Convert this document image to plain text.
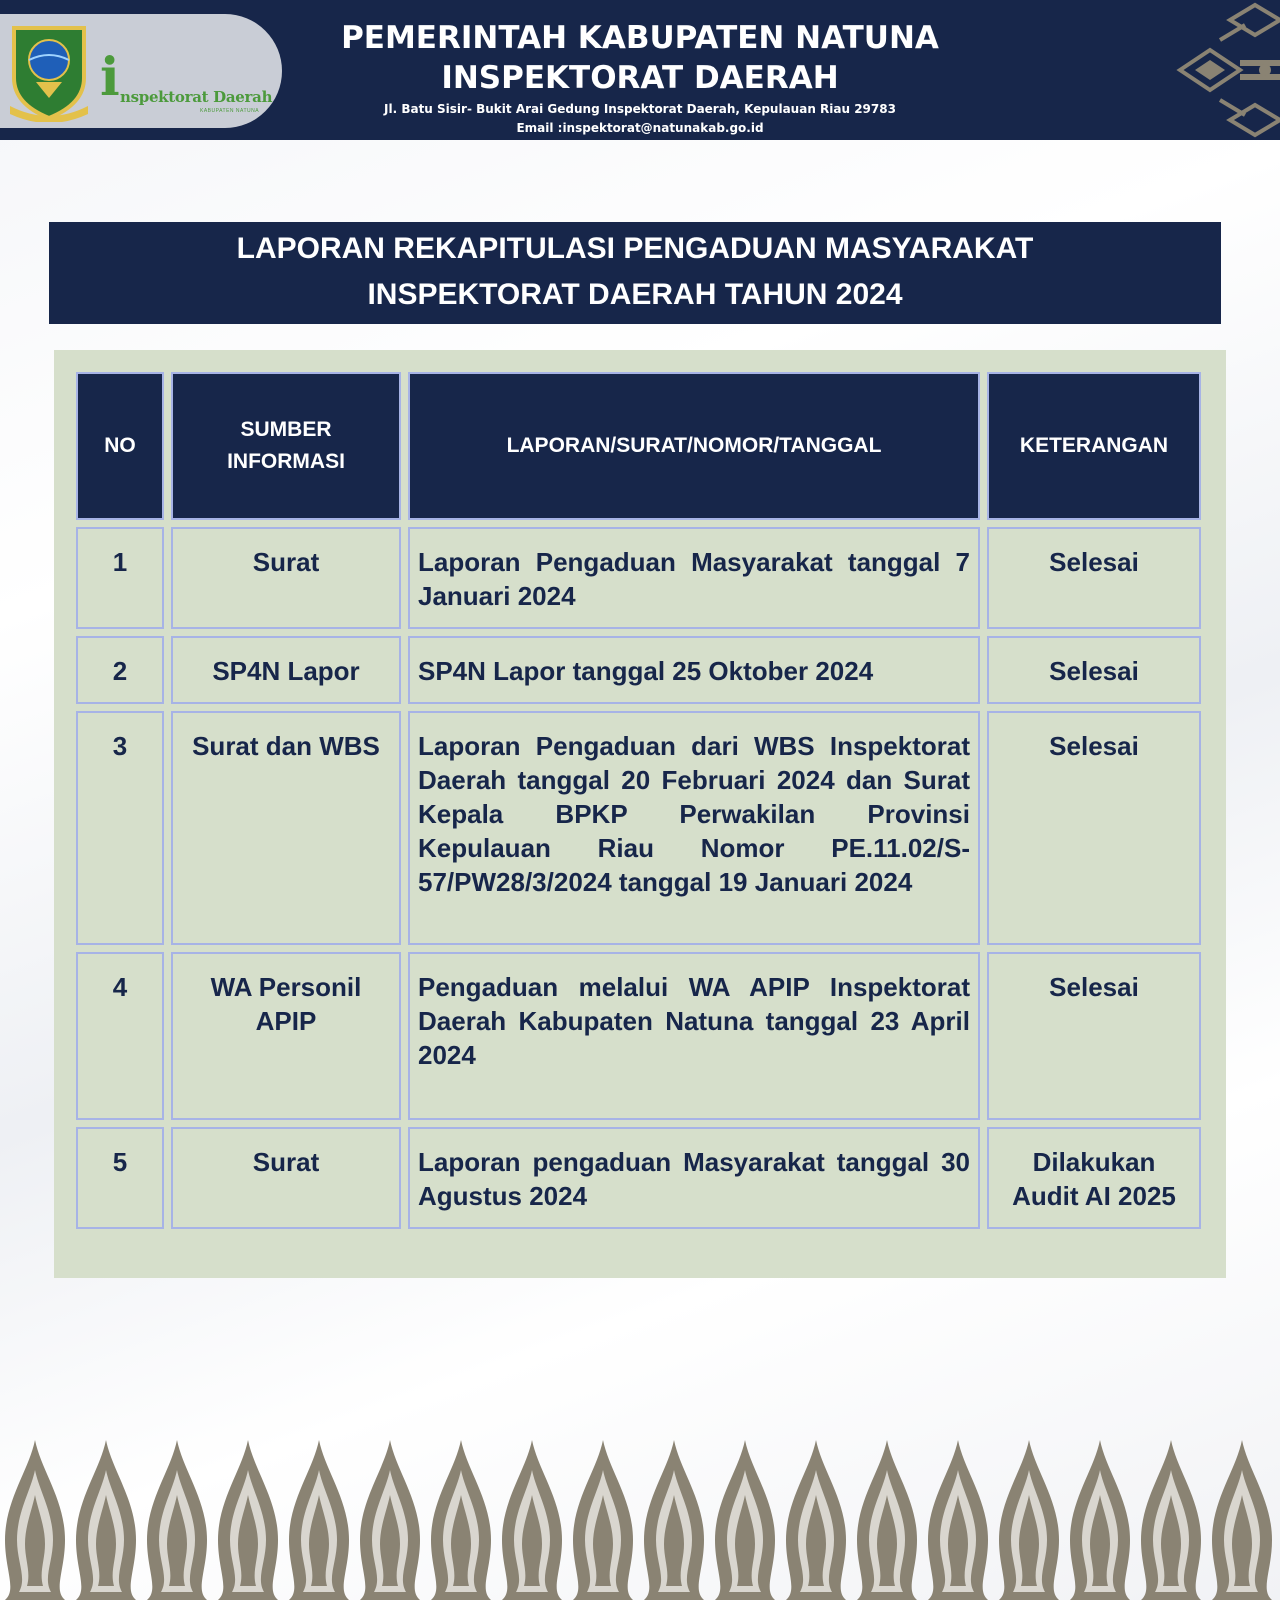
i nspektorat Daerah
KABUPATEN NATUNA
PEMERINTAH KABUPATEN NATUNA
INSPEKTORAT DAERAH
Jl. Batu Sisir- Bukit Arai Gedung Inspektorat Daerah, Kepulauan Riau 29783
Email :inspektorat@natunakab.go.id
LAPORAN REKAPITULASI PENGADUAN MASYARAKAT
INSPEKTORAT DAERAH TAHUN 2024
NO	SUMBER INFORMASI	LAPORAN/SURAT/NOMOR/TANGGAL	KETERANGAN
1	Surat	Laporan Pengaduan Masyarakat tanggal 7 Januari 2024	Selesai
2	SP4N Lapor	SP4N Lapor tanggal 25 Oktober 2024	Selesai
3	Surat dan WBS	Laporan Pengaduan dari WBS Inspektorat Daerah tanggal 20 Februari 2024 dan Surat Kepala BPKP Perwakilan Provinsi Kepulauan Riau Nomor PE.11.02/S-57/PW28/3/2024 tanggal 19 Januari 2024	Selesai
4	WA Personil APIP	Pengaduan melalui WA APIP Inspektorat Daerah Kabupaten Natuna tanggal 23 April 2024	Selesai
5	Surat	Laporan pengaduan Masyarakat tanggal 30 Agustus 2024	Dilakukan Audit AI 2025
